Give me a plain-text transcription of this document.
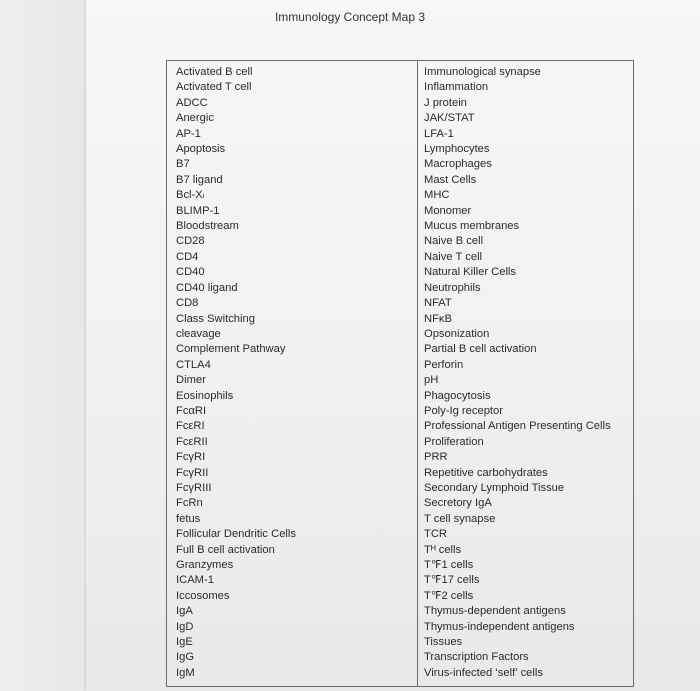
Immunology Concept Map 3
Activated B cell
Activated T cell
ADCC
Anergic
AP-1
Apoptosis
B7
B7 ligand
Bcl-Xₗ
BLIMP-1
Bloodstream
CD28
CD4
CD40
CD40 ligand
CD8
Class Switching
cleavage
Complement Pathway
CTLA4
Dimer
Eosinophils
FcαRI
FcεRI
FcεRII
FcγRI
FcγRII
FcγRIII
FcRn
fetus
Follicular Dendritic Cells
Full B cell activation
Granzymes
ICAM-1
Iccosomes
IgA
IgD
IgE
IgG
IgM
Immunological synapse
Inflammation
J protein
JAK/STAT
LFA-1
Lymphocytes
Macrophages
Mast Cells
MHC
Monomer
Mucus membranes
Naive B cell
Naive T cell
Natural Killer Cells
Neutrophils
NFAT
NFκB
Opsonization
Partial B cell activation
Perforin
pH
Phagocytosis
Poly-Ig receptor
Professional Antigen Presenting Cells
Proliferation
PRR
Repetitive carbohydrates
Secondary Lymphoid Tissue
Secretory IgA
T cell synapse
TCR
Tᴴ cells
T℉1 cells
T℉17 cells
T℉2 cells
Thymus-dependent antigens
Thymus-independent antigens
Tissues
Transcription Factors
Virus-infected ‘self’ cells
